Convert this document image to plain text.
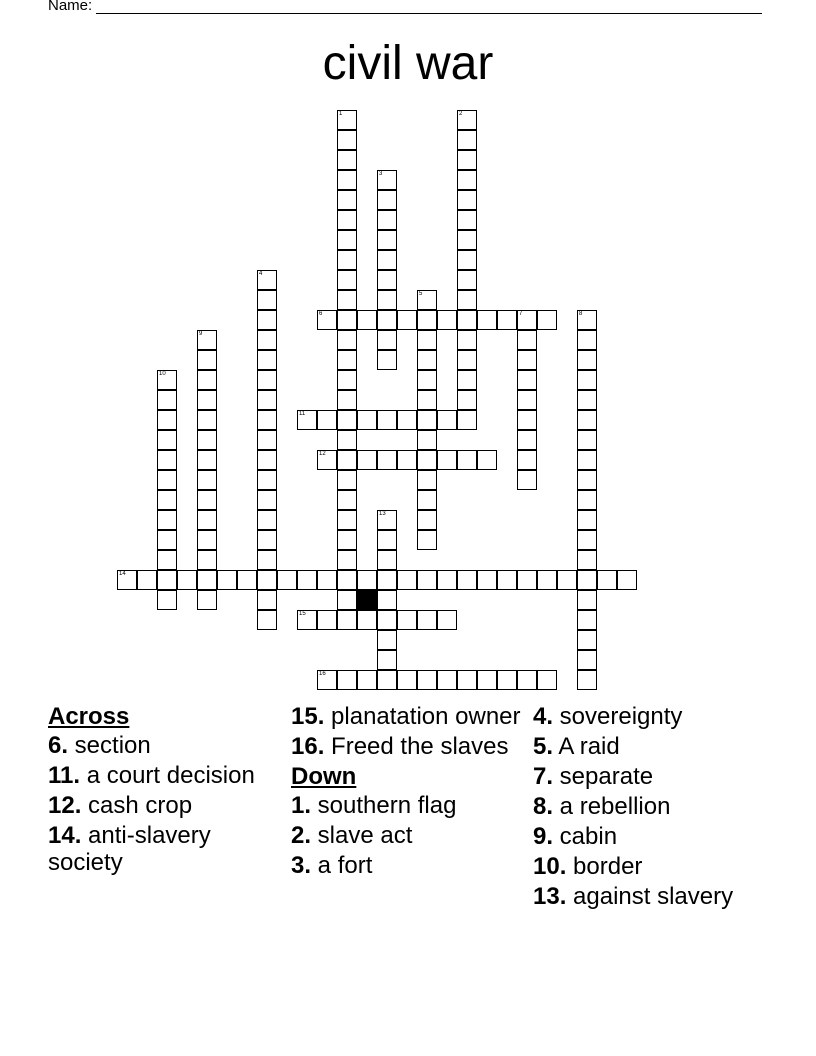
Name:
civil war
1	2
3
4
5
6	7	8
9
10
11
12
13
14
15
16
Across
6. section
11. a court decision
12. cash crop
14. anti-slavery society
15. planatation owner
16. Freed the slaves
Down
1. southern flag
2. slave act
3. a fort
4. sovereignty
5. A raid
7. separate
8. a rebellion
9. cabin
10. border
13. against slavery
